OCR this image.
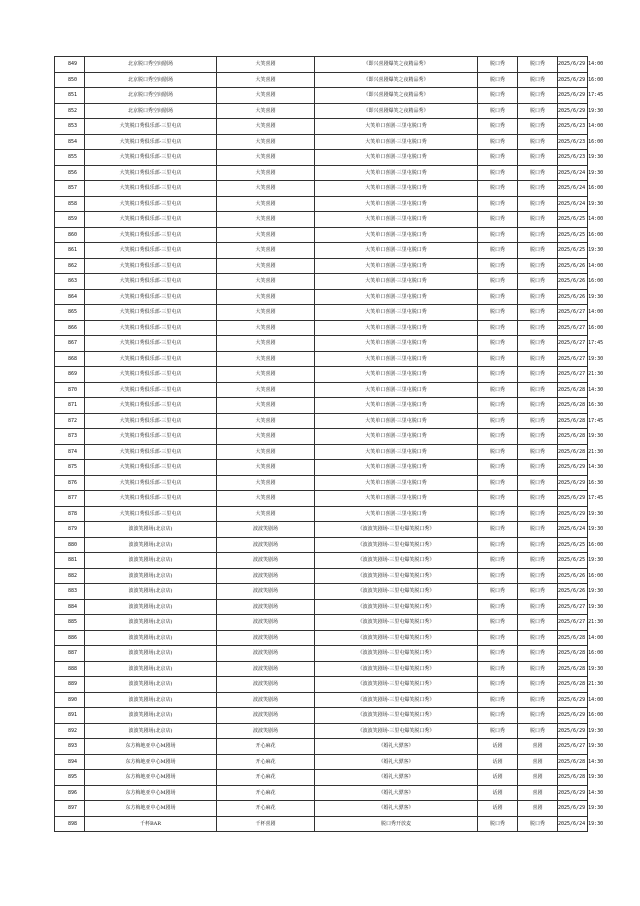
849	北京脱口秀空间剧场	大笑喜剧	《即兴喜剧爆笑之夜精品秀》	脱口秀	脱口秀	2025/6/29 14:00
850	北京脱口秀空间剧场	大笑喜剧	《即兴喜剧爆笑之夜精品秀》	脱口秀	脱口秀	2025/6/29 16:00
851	北京脱口秀空间剧场	大笑喜剧	《即兴喜剧爆笑之夜精品秀》	脱口秀	脱口秀	2025/6/29 17:45
852	北京脱口秀空间剧场	大笑喜剧	《即兴喜剧爆笑之夜精品秀》	脱口秀	脱口秀	2025/6/29 19:30
853	大笑脱口秀俱乐部-三里屯店	大笑喜剧	大笑单口喜剧·三里屯脱口秀	脱口秀	脱口秀	2025/6/23 14:00
854	大笑脱口秀俱乐部-三里屯店	大笑喜剧	大笑单口喜剧·三里屯脱口秀	脱口秀	脱口秀	2025/6/23 16:00
855	大笑脱口秀俱乐部-三里屯店	大笑喜剧	大笑单口喜剧·三里屯脱口秀	脱口秀	脱口秀	2025/6/23 19:30
856	大笑脱口秀俱乐部-三里屯店	大笑喜剧	大笑单口喜剧·三里屯脱口秀	脱口秀	脱口秀	2025/6/24 19:30
857	大笑脱口秀俱乐部-三里屯店	大笑喜剧	大笑单口喜剧·三里屯脱口秀	脱口秀	脱口秀	2025/6/24 16:00
858	大笑脱口秀俱乐部-三里屯店	大笑喜剧	大笑单口喜剧·三里屯脱口秀	脱口秀	脱口秀	2025/6/24 19:30
859	大笑脱口秀俱乐部-三里屯店	大笑喜剧	大笑单口喜剧·三里屯脱口秀	脱口秀	脱口秀	2025/6/25 14:00
860	大笑脱口秀俱乐部-三里屯店	大笑喜剧	大笑单口喜剧·三里屯脱口秀	脱口秀	脱口秀	2025/6/25 16:00
861	大笑脱口秀俱乐部-三里屯店	大笑喜剧	大笑单口喜剧·三里屯脱口秀	脱口秀	脱口秀	2025/6/25 19:30
862	大笑脱口秀俱乐部-三里屯店	大笑喜剧	大笑单口喜剧·三里屯脱口秀	脱口秀	脱口秀	2025/6/26 14:00
863	大笑脱口秀俱乐部-三里屯店	大笑喜剧	大笑单口喜剧·三里屯脱口秀	脱口秀	脱口秀	2025/6/26 16:00
864	大笑脱口秀俱乐部-三里屯店	大笑喜剧	大笑单口喜剧·三里屯脱口秀	脱口秀	脱口秀	2025/6/26 19:30
865	大笑脱口秀俱乐部-三里屯店	大笑喜剧	大笑单口喜剧·三里屯脱口秀	脱口秀	脱口秀	2025/6/27 14:00
866	大笑脱口秀俱乐部-三里屯店	大笑喜剧	大笑单口喜剧·三里屯脱口秀	脱口秀	脱口秀	2025/6/27 16:00
867	大笑脱口秀俱乐部-三里屯店	大笑喜剧	大笑单口喜剧·三里屯脱口秀	脱口秀	脱口秀	2025/6/27 17:45
868	大笑脱口秀俱乐部-三里屯店	大笑喜剧	大笑单口喜剧·三里屯脱口秀	脱口秀	脱口秀	2025/6/27 19:30
869	大笑脱口秀俱乐部-三里屯店	大笑喜剧	大笑单口喜剧·三里屯脱口秀	脱口秀	脱口秀	2025/6/27 21:30
870	大笑脱口秀俱乐部-三里屯店	大笑喜剧	大笑单口喜剧·三里屯脱口秀	脱口秀	脱口秀	2025/6/28 14:30
871	大笑脱口秀俱乐部-三里屯店	大笑喜剧	大笑单口喜剧·三里屯脱口秀	脱口秀	脱口秀	2025/6/28 16:30
872	大笑脱口秀俱乐部-三里屯店	大笑喜剧	大笑单口喜剧·三里屯脱口秀	脱口秀	脱口秀	2025/6/28 17:45
873	大笑脱口秀俱乐部-三里屯店	大笑喜剧	大笑单口喜剧·三里屯脱口秀	脱口秀	脱口秀	2025/6/28 19:30
874	大笑脱口秀俱乐部-三里屯店	大笑喜剧	大笑单口喜剧·三里屯脱口秀	脱口秀	脱口秀	2025/6/28 21:30
875	大笑脱口秀俱乐部-三里屯店	大笑喜剧	大笑单口喜剧·三里屯脱口秀	脱口秀	脱口秀	2025/6/29 14:30
876	大笑脱口秀俱乐部-三里屯店	大笑喜剧	大笑单口喜剧·三里屯脱口秀	脱口秀	脱口秀	2025/6/29 16:30
877	大笑脱口秀俱乐部-三里屯店	大笑喜剧	大笑单口喜剧·三里屯脱口秀	脱口秀	脱口秀	2025/6/29 17:45
878	大笑脱口秀俱乐部-三里屯店	大笑喜剧	大笑单口喜剧·三里屯脱口秀	脱口秀	脱口秀	2025/6/29 19:30
879	波波笑剧场(北京店)	波波笑剧场	《波波笑剧场-三里屯爆笑脱口秀》	脱口秀	脱口秀	2025/6/24 19:30
880	波波笑剧场(北京店)	波波笑剧场	《波波笑剧场-三里屯爆笑脱口秀》	脱口秀	脱口秀	2025/6/25 16:00
881	波波笑剧场(北京店)	波波笑剧场	《波波笑剧场-三里屯爆笑脱口秀》	脱口秀	脱口秀	2025/6/25 19:30
882	波波笑剧场(北京店)	波波笑剧场	《波波笑剧场-三里屯爆笑脱口秀》	脱口秀	脱口秀	2025/6/26 16:00
883	波波笑剧场(北京店)	波波笑剧场	《波波笑剧场-三里屯爆笑脱口秀》	脱口秀	脱口秀	2025/6/26 19:30
884	波波笑剧场(北京店)	波波笑剧场	《波波笑剧场-三里屯爆笑脱口秀》	脱口秀	脱口秀	2025/6/27 19:30
885	波波笑剧场(北京店)	波波笑剧场	《波波笑剧场-三里屯爆笑脱口秀》	脱口秀	脱口秀	2025/6/27 21:30
886	波波笑剧场(北京店)	波波笑剧场	《波波笑剧场-三里屯爆笑脱口秀》	脱口秀	脱口秀	2025/6/28 14:00
887	波波笑剧场(北京店)	波波笑剧场	《波波笑剧场-三里屯爆笑脱口秀》	脱口秀	脱口秀	2025/6/28 16:00
888	波波笑剧场(北京店)	波波笑剧场	《波波笑剧场-三里屯爆笑脱口秀》	脱口秀	脱口秀	2025/6/28 19:30
889	波波笑剧场(北京店)	波波笑剧场	《波波笑剧场-三里屯爆笑脱口秀》	脱口秀	脱口秀	2025/6/28 21:30
890	波波笑剧场(北京店)	波波笑剧场	《波波笑剧场-三里屯爆笑脱口秀》	脱口秀	脱口秀	2025/6/29 14:00
891	波波笑剧场(北京店)	波波笑剧场	《波波笑剧场-三里屯爆笑脱口秀》	脱口秀	脱口秀	2025/6/29 16:00
892	波波笑剧场(北京店)	波波笑剧场	《波波笑剧场-三里屯爆笑脱口秀》	脱口秀	脱口秀	2025/6/29 19:30
893	东方梅地亚中心M剧场	开心麻花	《婚礼大骠客》	话剧	喜剧	2025/6/27 19:30
894	东方梅地亚中心M剧场	开心麻花	《婚礼大骠客》	话剧	喜剧	2025/6/28 14:30
895	东方梅地亚中心M剧场	开心麻花	《婚礼大骠客》	话剧	喜剧	2025/6/28 19:30
896	东方梅地亚中心M剧场	开心麻花	《婚礼大骠客》	话剧	喜剧	2025/6/29 14:30
897	东方梅地亚中心M剧场	开心麻花	《婚礼大骠客》	话剧	喜剧	2025/6/29 19:30
898	千杯BAR	千杯喜剧	脱口秀开放麦	脱口秀	脱口秀	2025/6/24 19:30
